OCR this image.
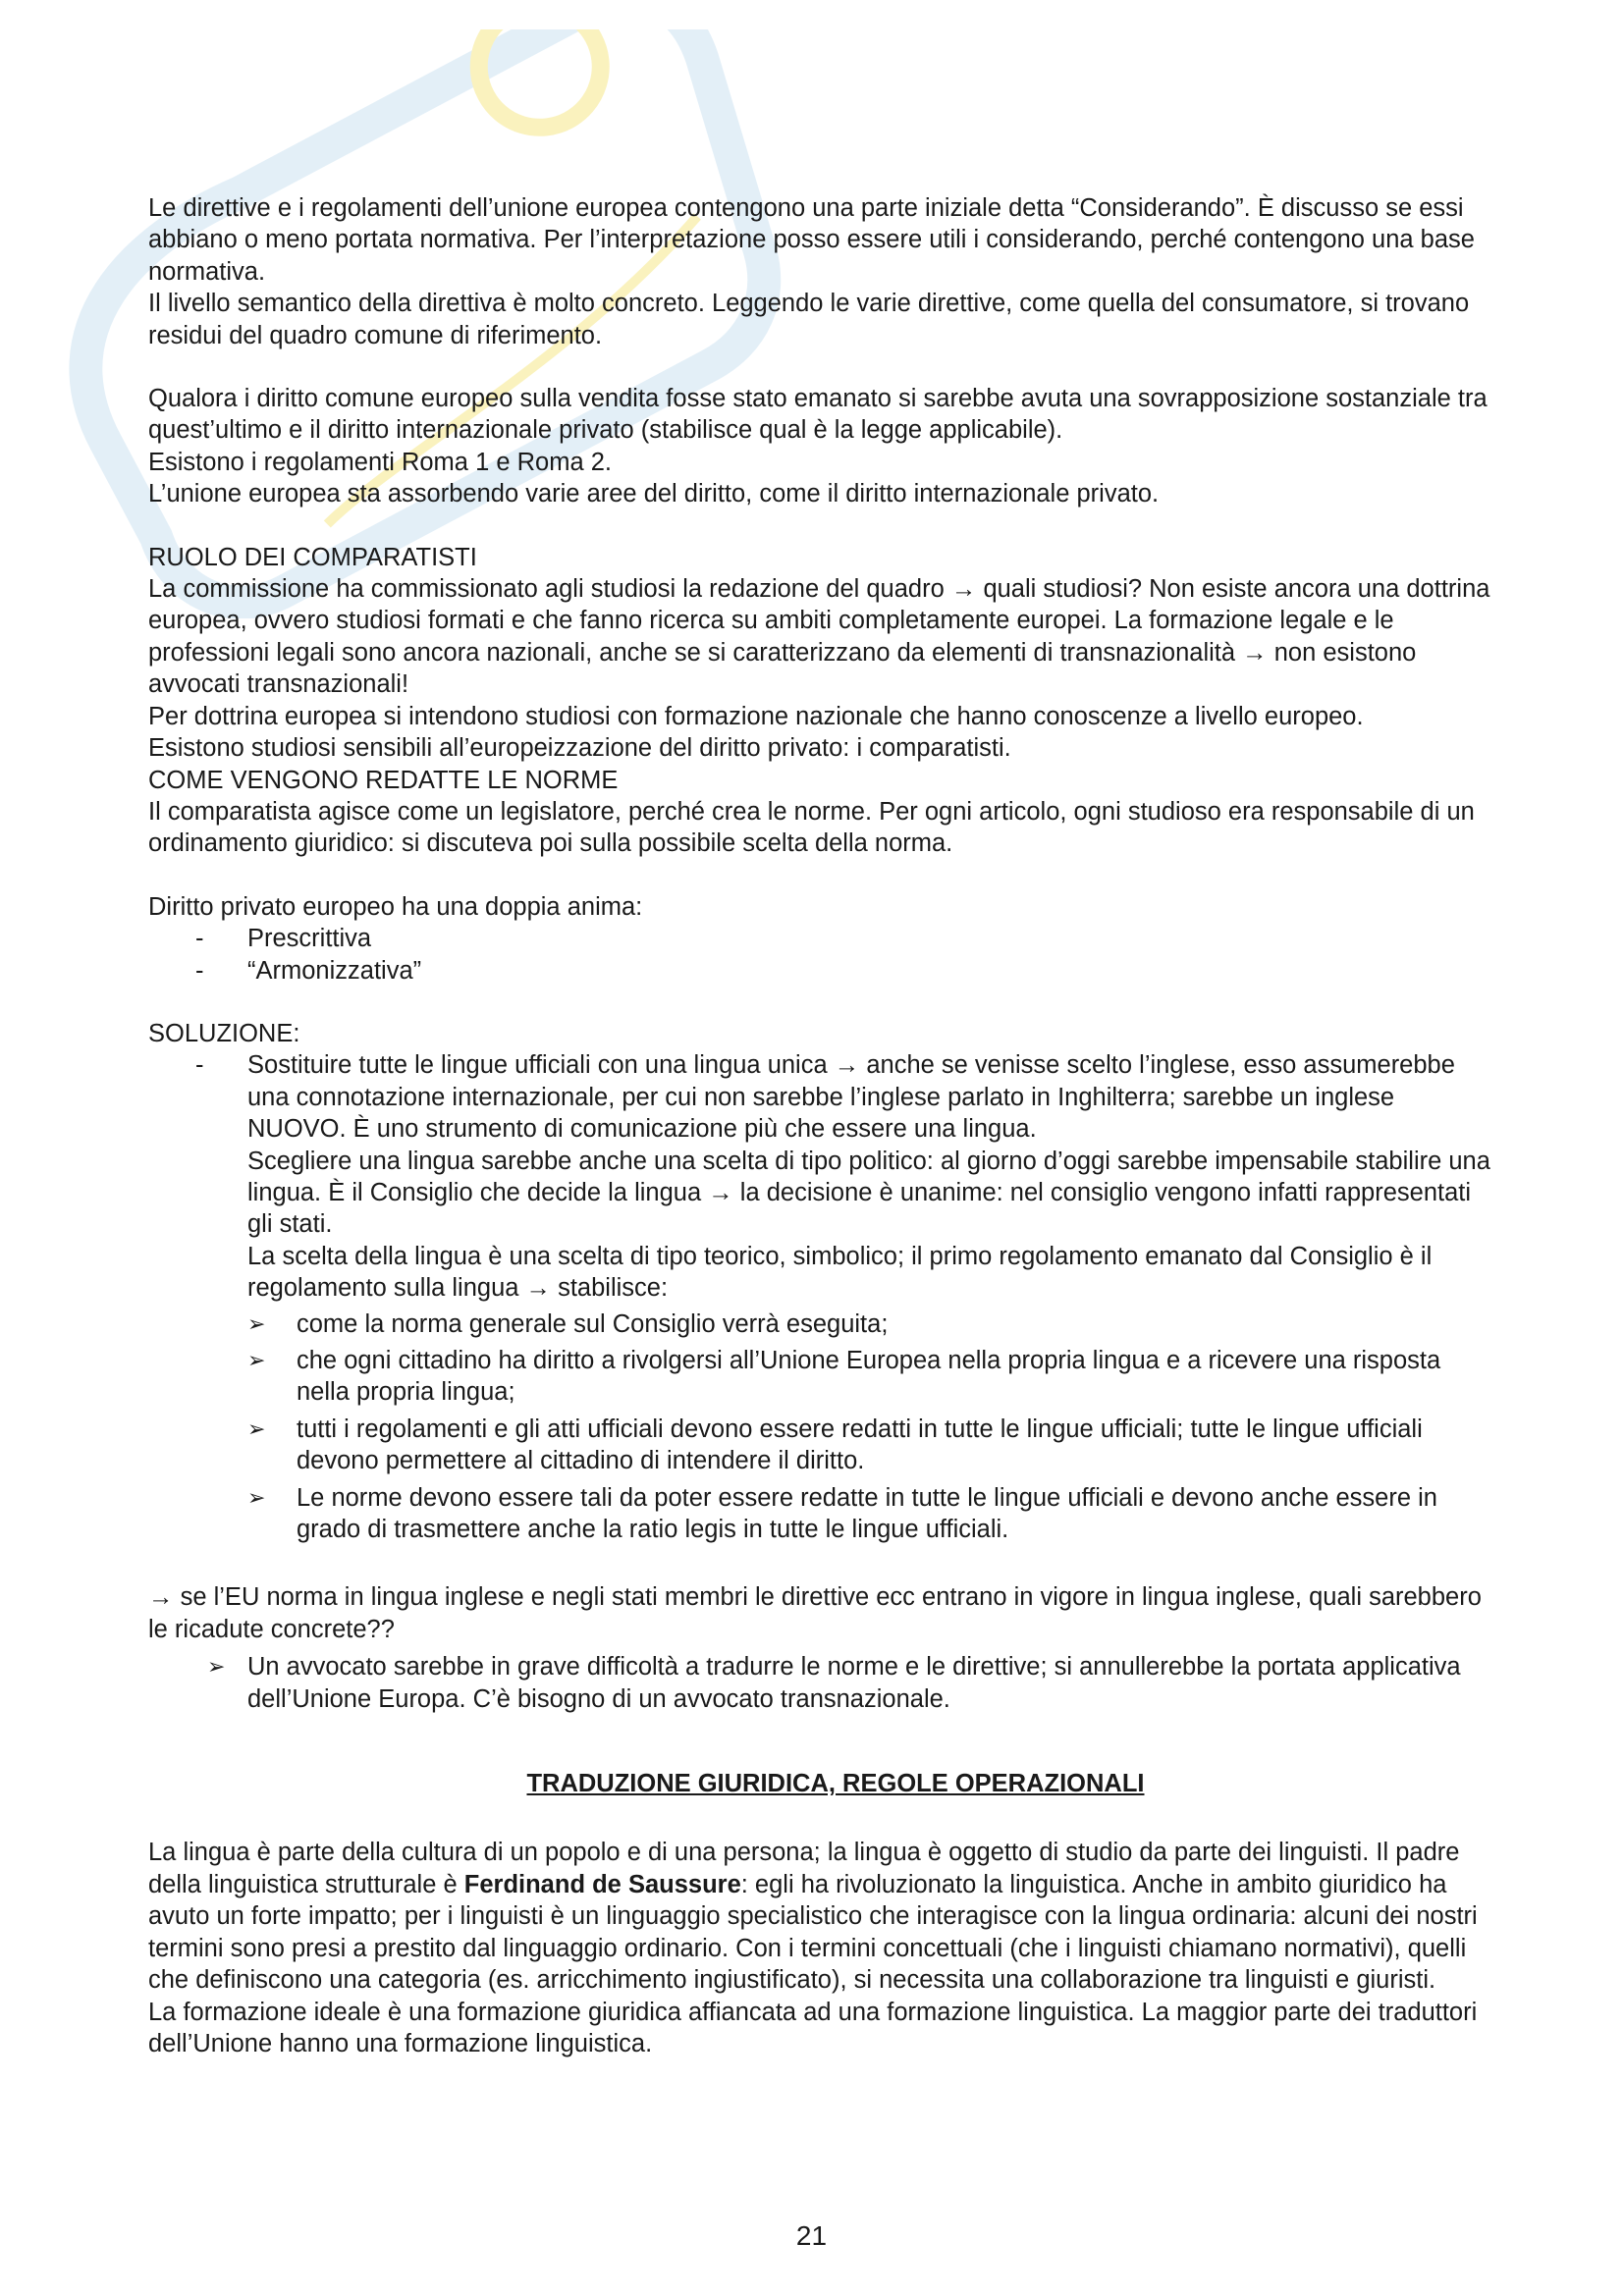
Le direttive e i regolamenti dell’unione europea contengono una parte iniziale detta “Considerando”. È discusso se essi abbiano o meno portata normativa. Per l’interpretazione posso essere utili i considerando, perché contengono una base normativa.

Il livello semantico della direttiva è molto concreto. Leggendo le varie direttive, come quella del consumatore, si trovano residui del quadro comune di riferimento.

Qualora i diritto comune europeo sulla vendita fosse stato emanato si sarebbe avuta una sovrapposizione sostanziale tra quest’ultimo e il diritto internazionale privato (stabilisce qual è la legge applicabile).

Esistono i regolamenti Roma 1 e Roma 2.

L’unione europea sta assorbendo varie aree del diritto, come il diritto internazionale privato.

RUOLO DEI COMPARATISTI

La commissione ha commissionato agli studiosi la redazione del quadro → quali studiosi? Non esiste ancora una dottrina europea, ovvero studiosi formati e che fanno ricerca su ambiti completamente europei. La formazione legale e le professioni legali sono ancora nazionali, anche se si caratterizzano da elementi di transnazionalità → non esistono avvocati transnazionali!

Per dottrina europea si intendono studiosi con formazione nazionale che hanno conoscenze a livello europeo.

Esistono studiosi sensibili all’europeizzazione del diritto privato: i comparatisti.

COME VENGONO REDATTE LE NORME

Il comparatista agisce come un legislatore, perché crea le norme. Per ogni articolo, ogni studioso era responsabile di un ordinamento giuridico: si discuteva poi sulla possibile scelta della norma.

Diritto privato europeo ha una doppia anima:

- Prescrittiva
- “Armonizzativa”

SOLUZIONE:

- Sostituire tutte le lingue ufficiali con una lingua unica → anche se venisse scelto l’inglese, esso assumerebbe una connotazione internazionale, per cui non sarebbe l’inglese parlato in Inghilterra; sarebbe un inglese NUOVO. È uno strumento di comunicazione più che essere una lingua.
Scegliere una lingua sarebbe anche una scelta di tipo politico: al giorno d’oggi sarebbe impensabile stabilire una lingua. È il Consiglio che decide la lingua → la decisione è unanime: nel consiglio vengono infatti rappresentati gli stati.
La scelta della lingua è una scelta di tipo teorico, simbolico; il primo regolamento emanato dal Consiglio è il regolamento sulla lingua → stabilisce:
➢ come la norma generale sul Consiglio verrà eseguita;
➢ che ogni cittadino ha diritto a rivolgersi all’Unione Europea nella propria lingua e a ricevere una risposta nella propria lingua;
➢ tutti i regolamenti e gli atti ufficiali devono essere redatti in tutte le lingue ufficiali; tutte le lingue ufficiali devono permettere al cittadino di intendere il diritto.
➢ Le norme devono essere tali da poter essere redatte in tutte le lingue ufficiali e devono anche essere in grado di trasmettere anche la ratio legis in tutte le lingue ufficiali.

→ se l’EU norma in lingua inglese e negli stati membri le direttive ecc entrano in vigore in lingua inglese, quali sarebbero le ricadute concrete??

➢ Un avvocato sarebbe in grave difficoltà a tradurre le norme e le direttive; si annullerebbe la portata applicativa dell’Unione Europa. C’è bisogno di un avvocato transnazionale.

TRADUZIONE GIURIDICA, REGOLE OPERAZIONALI

La lingua è parte della cultura di un popolo e di una persona; la lingua è oggetto di studio da parte dei linguisti. Il padre della linguistica strutturale è Ferdinand de Saussure: egli ha rivoluzionato la linguistica. Anche in ambito giuridico ha avuto un forte impatto; per i linguisti è un linguaggio specialistico che interagisce con la lingua ordinaria: alcuni dei nostri termini sono presi a prestito dal linguaggio ordinario. Con i termini concettuali (che i linguisti chiamano normativi), quelli che definiscono una categoria (es. arricchimento ingiustificato), si necessita una collaborazione tra linguisti e giuristi.

La formazione ideale è una formazione giuridica affiancata ad una formazione linguistica. La maggior parte dei traduttori dell’Unione hanno una formazione linguistica.

21
